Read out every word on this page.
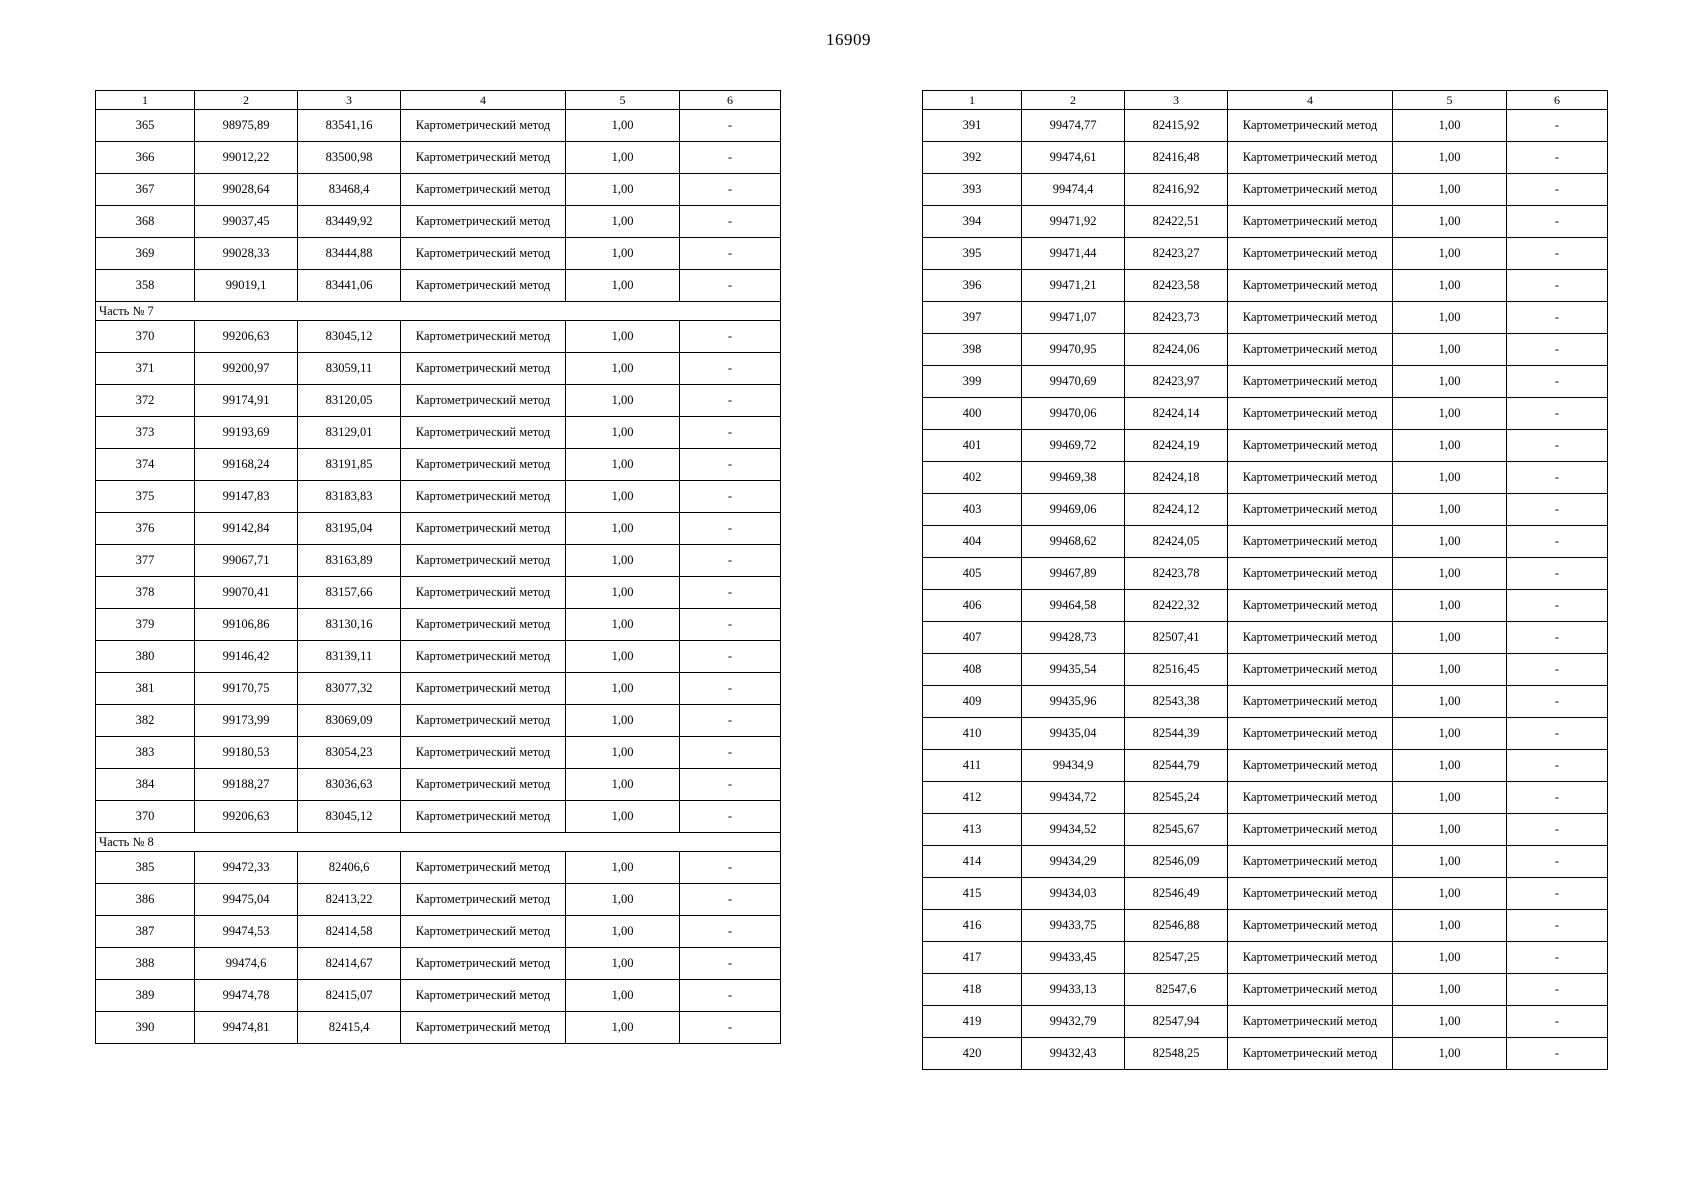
16909
1	2	3	4	5	6
365	98975,89	83541,16	Картометрический метод	1,00	-
366	99012,22	83500,98	Картометрический метод	1,00	-
367	99028,64	83468,4	Картометрический метод	1,00	-
368	99037,45	83449,92	Картометрический метод	1,00	-
369	99028,33	83444,88	Картометрический метод	1,00	-
358	99019,1	83441,06	Картометрический метод	1,00	-
Часть № 7					
370	99206,63	83045,12	Картометрический метод	1,00	-
371	99200,97	83059,11	Картометрический метод	1,00	-
372	99174,91	83120,05	Картометрический метод	1,00	-
373	99193,69	83129,01	Картометрический метод	1,00	-
374	99168,24	83191,85	Картометрический метод	1,00	-
375	99147,83	83183,83	Картометрический метод	1,00	-
376	99142,84	83195,04	Картометрический метод	1,00	-
377	99067,71	83163,89	Картометрический метод	1,00	-
378	99070,41	83157,66	Картометрический метод	1,00	-
379	99106,86	83130,16	Картометрический метод	1,00	-
380	99146,42	83139,11	Картометрический метод	1,00	-
381	99170,75	83077,32	Картометрический метод	1,00	-
382	99173,99	83069,09	Картометрический метод	1,00	-
383	99180,53	83054,23	Картометрический метод	1,00	-
384	99188,27	83036,63	Картометрический метод	1,00	-
370	99206,63	83045,12	Картометрический метод	1,00	-
Часть № 8					
385	99472,33	82406,6	Картометрический метод	1,00	-
386	99475,04	82413,22	Картометрический метод	1,00	-
387	99474,53	82414,58	Картометрический метод	1,00	-
388	99474,6	82414,67	Картометрический метод	1,00	-
389	99474,78	82415,07	Картометрический метод	1,00	-
390	99474,81	82415,4	Картометрический метод	1,00	-
1	2	3	4	5	6
391	99474,77	82415,92	Картометрический метод	1,00	-
392	99474,61	82416,48	Картометрический метод	1,00	-
393	99474,4	82416,92	Картометрический метод	1,00	-
394	99471,92	82422,51	Картометрический метод	1,00	-
395	99471,44	82423,27	Картометрический метод	1,00	-
396	99471,21	82423,58	Картометрический метод	1,00	-
397	99471,07	82423,73	Картометрический метод	1,00	-
398	99470,95	82424,06	Картометрический метод	1,00	-
399	99470,69	82423,97	Картометрический метод	1,00	-
400	99470,06	82424,14	Картометрический метод	1,00	-
401	99469,72	82424,19	Картометрический метод	1,00	-
402	99469,38	82424,18	Картометрический метод	1,00	-
403	99469,06	82424,12	Картометрический метод	1,00	-
404	99468,62	82424,05	Картометрический метод	1,00	-
405	99467,89	82423,78	Картометрический метод	1,00	-
406	99464,58	82422,32	Картометрический метод	1,00	-
407	99428,73	82507,41	Картометрический метод	1,00	-
408	99435,54	82516,45	Картометрический метод	1,00	-
409	99435,96	82543,38	Картометрический метод	1,00	-
410	99435,04	82544,39	Картометрический метод	1,00	-
411	99434,9	82544,79	Картометрический метод	1,00	-
412	99434,72	82545,24	Картометрический метод	1,00	-
413	99434,52	82545,67	Картометрический метод	1,00	-
414	99434,29	82546,09	Картометрический метод	1,00	-
415	99434,03	82546,49	Картометрический метод	1,00	-
416	99433,75	82546,88	Картометрический метод	1,00	-
417	99433,45	82547,25	Картометрический метод	1,00	-
418	99433,13	82547,6	Картометрический метод	1,00	-
419	99432,79	82547,94	Картометрический метод	1,00	-
420	99432,43	82548,25	Картометрический метод	1,00	-
